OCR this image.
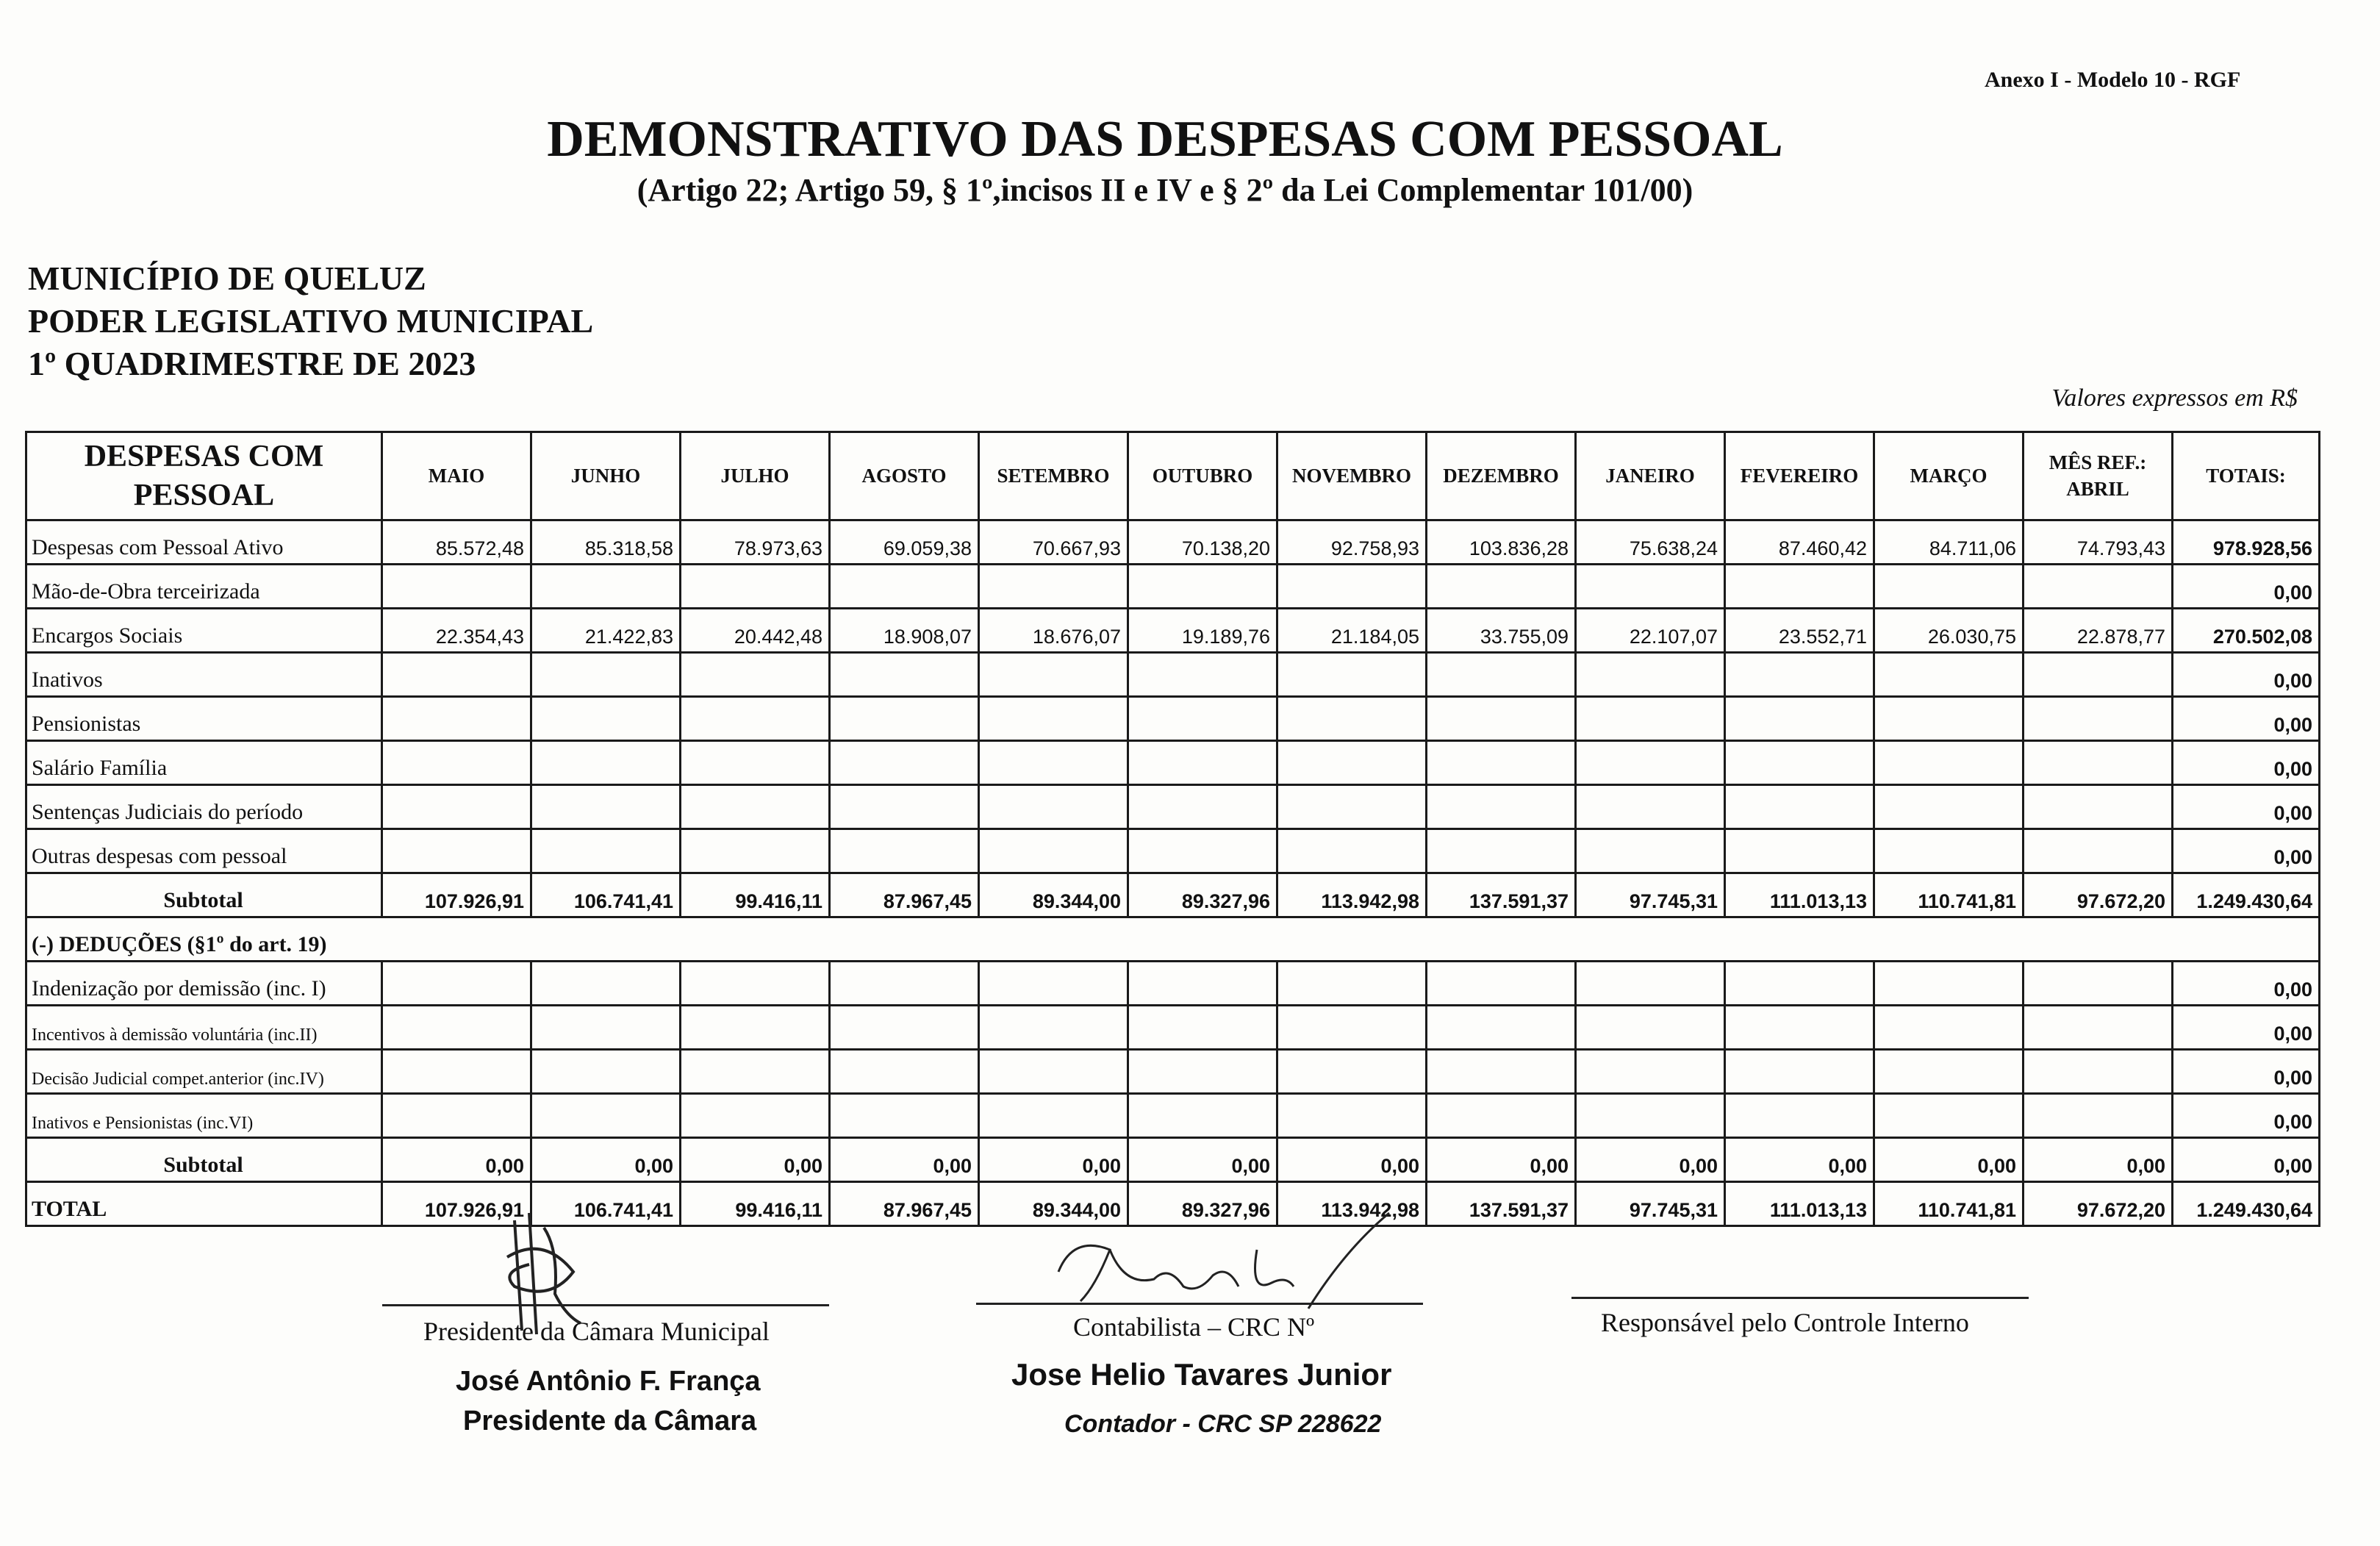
Anexo I - Modelo 10 - RGF
DEMONSTRATIVO DAS DESPESAS COM PESSOAL
(Artigo 22; Artigo 59, § 1º,incisos II e IV e § 2º da Lei Complementar 101/00)
MUNICÍPIO DE QUELUZ
PODER LEGISLATIVO MUNICIPAL
1º QUADRIMESTRE DE 2023
Valores expressos em R$
DESPESAS COM PESSOAL	MAIO	JUNHO	JULHO	AGOSTO	SETEMBRO	OUTUBRO	NOVEMBRO	DEZEMBRO	JANEIRO	FEVEREIRO	MARÇO	MÊS REF.: ABRIL	TOTAIS:
Despesas com Pessoal Ativo	85.572,48	85.318,58	78.973,63	69.059,38	70.667,93	70.138,20	92.758,93	103.836,28	75.638,24	87.460,42	84.711,06	74.793,43	978.928,56
Mão-de-Obra terceirizada													0,00
Encargos Sociais	22.354,43	21.422,83	20.442,48	18.908,07	18.676,07	19.189,76	21.184,05	33.755,09	22.107,07	23.552,71	26.030,75	22.878,77	270.502,08
Inativos													0,00
Pensionistas													0,00
Salário Família													0,00
Sentenças Judiciais do período													0,00
Outras despesas com pessoal													0,00
Subtotal	107.926,91	106.741,41	99.416,11	87.967,45	89.344,00	89.327,96	113.942,98	137.591,37	97.745,31	111.013,13	110.741,81	97.672,20	1.249.430,64
(-) DEDUÇÕES (§1º do art. 19)													
Indenização por demissão (inc. I)													0,00
Incentivos à demissão voluntária (inc.II)													0,00
Decisão Judicial compet.anterior (inc.IV)													0,00
Inativos e Pensionistas (inc.VI)													0,00
Subtotal	0,00	0,00	0,00	0,00	0,00	0,00	0,00	0,00	0,00	0,00	0,00	0,00	0,00
TOTAL	107.926,91	106.741,41	99.416,11	87.967,45	89.344,00	89.327,96	113.942,98	137.591,37	97.745,31	111.013,13	110.741,81	97.672,20	1.249.430,64
Presidente da Câmara Municipal
José Antônio F. França
Presidente da Câmara
Contabilista – CRC Nº
Jose Helio Tavares Junior
Contador - CRC SP 228622
Responsável pelo Controle Interno
